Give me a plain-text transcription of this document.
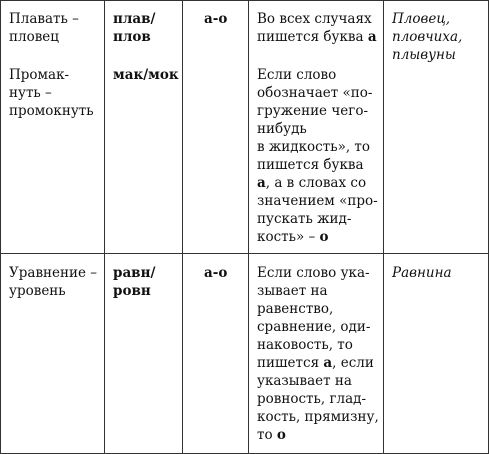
Плавать –
пловец
Промак-
нуть –
промокнуть
плав/
плов
мак/мок
а-о Во всех случаях
пишется буква а
Если слово
обозначает «по-
гружение чего-
нибудь
в жидкость», то
пишется буква
а, а в словах со
значением «про-
пускать жид-
кость» – о
Пловец,
пловчиха,
плывуны
Уравнение –
уровень
равн/
ровн
а-о Если слово ука-
зывает на
равенство,
сравнение, оди-
наковость, то
пишется а, если
указывает на
ровность, глад-
кость, прямизну,
то о
Равнина
